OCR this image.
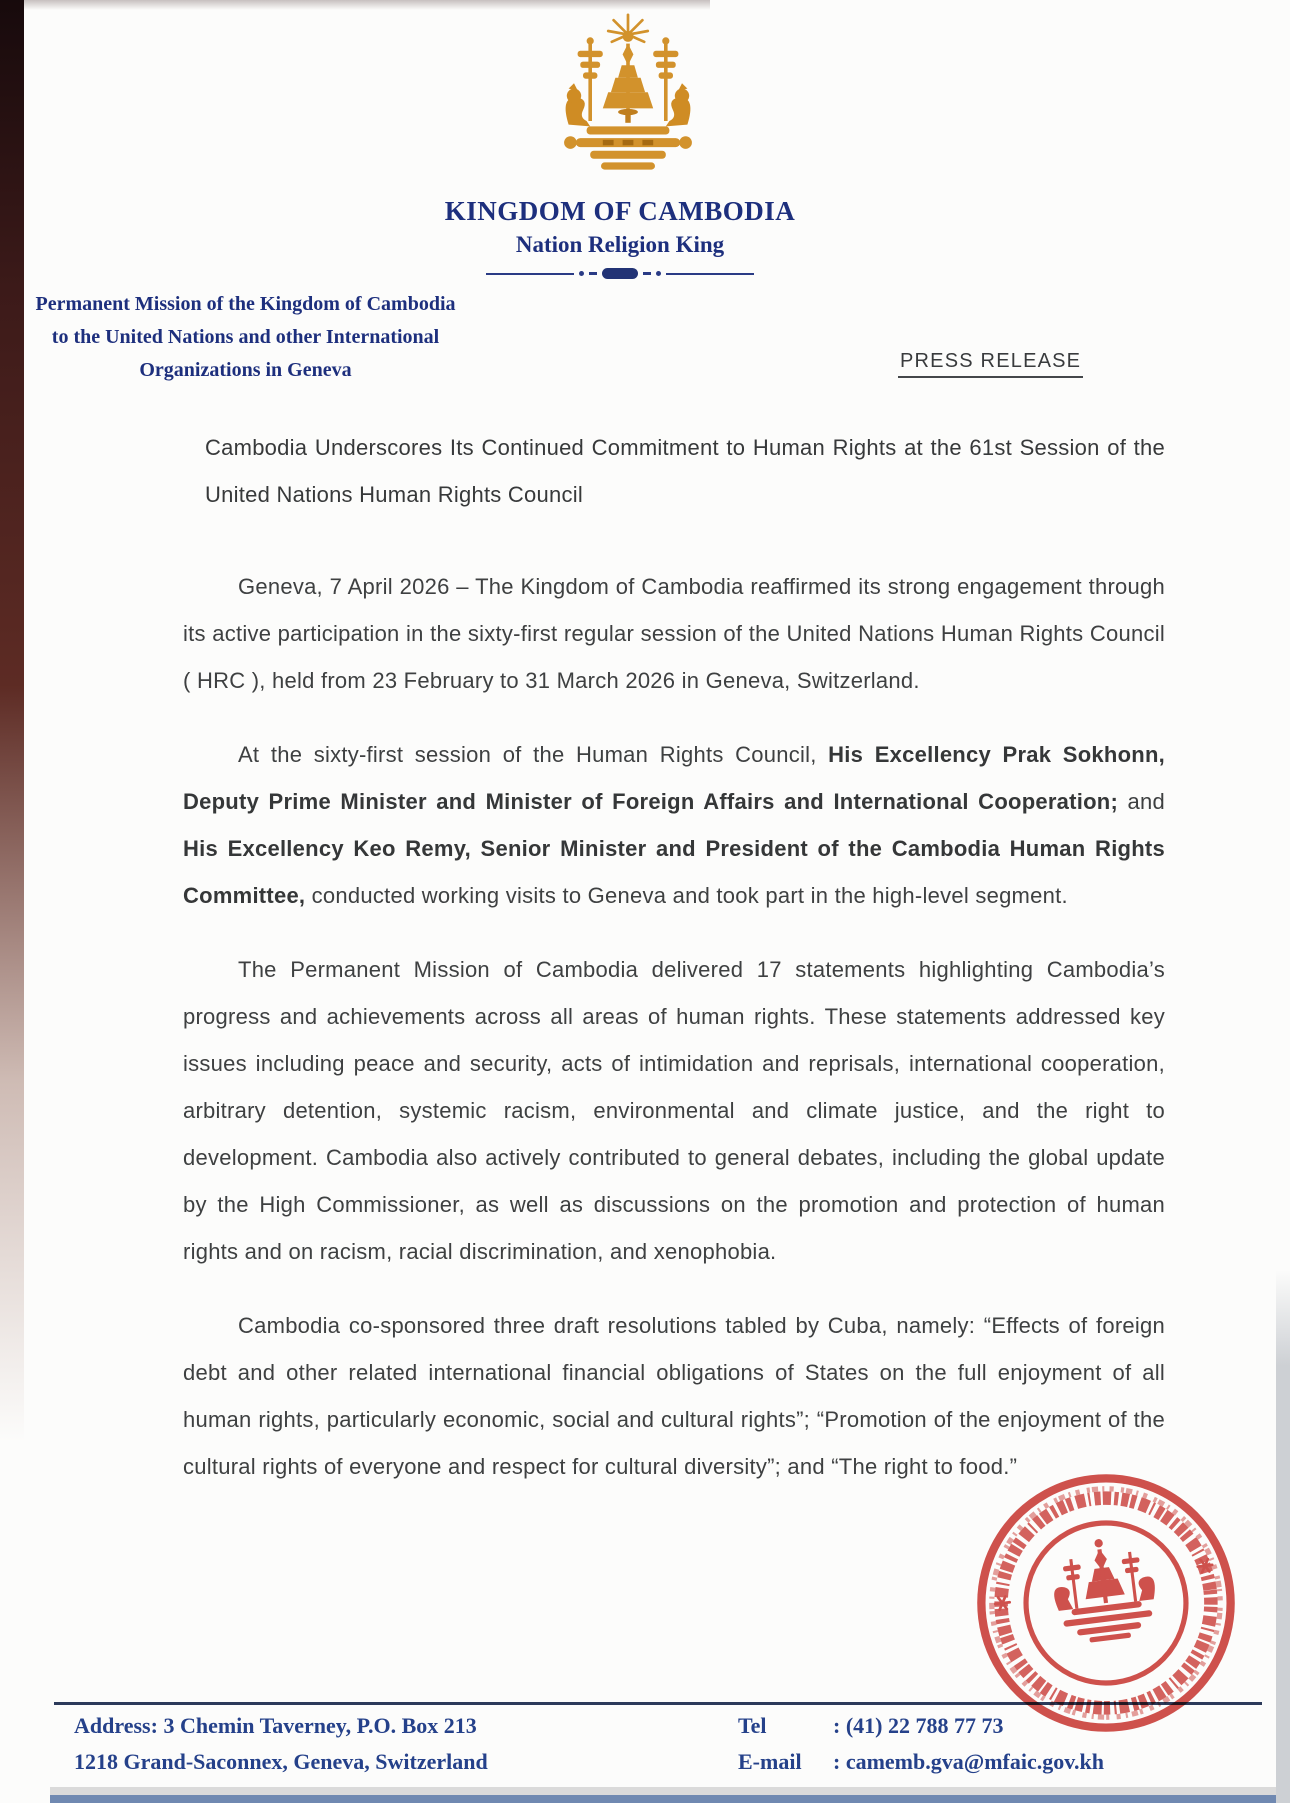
KINGDOM OF CAMBODIA
Nation Religion King
Permanent Mission of the Kingdom of Cambodia
to the United Nations and other International
Organizations in Geneva	PRESS RELEASE
Cambodia Underscores Its Continued Commitment to Human Rights at the 61st Session of the United Nations Human Rights Council

Geneva, 7 April 2026 – The Kingdom of Cambodia reaffirmed its strong engagement through its active participation in the sixty-first regular session of the United Nations Human Rights Council ( HRC ), held from 23 February to 31 March 2026 in Geneva, Switzerland.

At the sixty-first session of the Human Rights Council, His Excellency Prak Sokhonn, Deputy Prime Minister and Minister of Foreign Affairs and International Cooperation; and His Excellency Keo Remy, Senior Minister and President of the Cambodia Human Rights Committee, conducted working visits to Geneva and took part in the high-level segment.

The Permanent Mission of Cambodia delivered 17 statements highlighting Cambodia’s progress and achievements across all areas of human rights. These statements addressed key issues including peace and security, acts of intimidation and reprisals, international cooperation, arbitrary detention, systemic racism, environmental and climate justice, and the right to development. Cambodia also actively contributed to general debates, including the global update by the High Commissioner, as well as discussions on the promotion and protection of human rights and on racism, racial discrimination, and xenophobia.

Cambodia co-sponsored three draft resolutions tabled by Cuba, namely: “Effects of foreign debt and other related international financial obligations of States on the full enjoyment of all human rights, particularly economic, social and cultural rights”; “Promotion of the enjoyment of the cultural rights of everyone and respect for cultural diversity”; and “The right to food.”

Address: 3 Chemin Taverney, P.O. Box 213
1218 Grand-Saconnex, Geneva, Switzerland
Tel	: (41) 22 788 77 73
E-mail	: camemb.gva@mfaic.gov.kh
